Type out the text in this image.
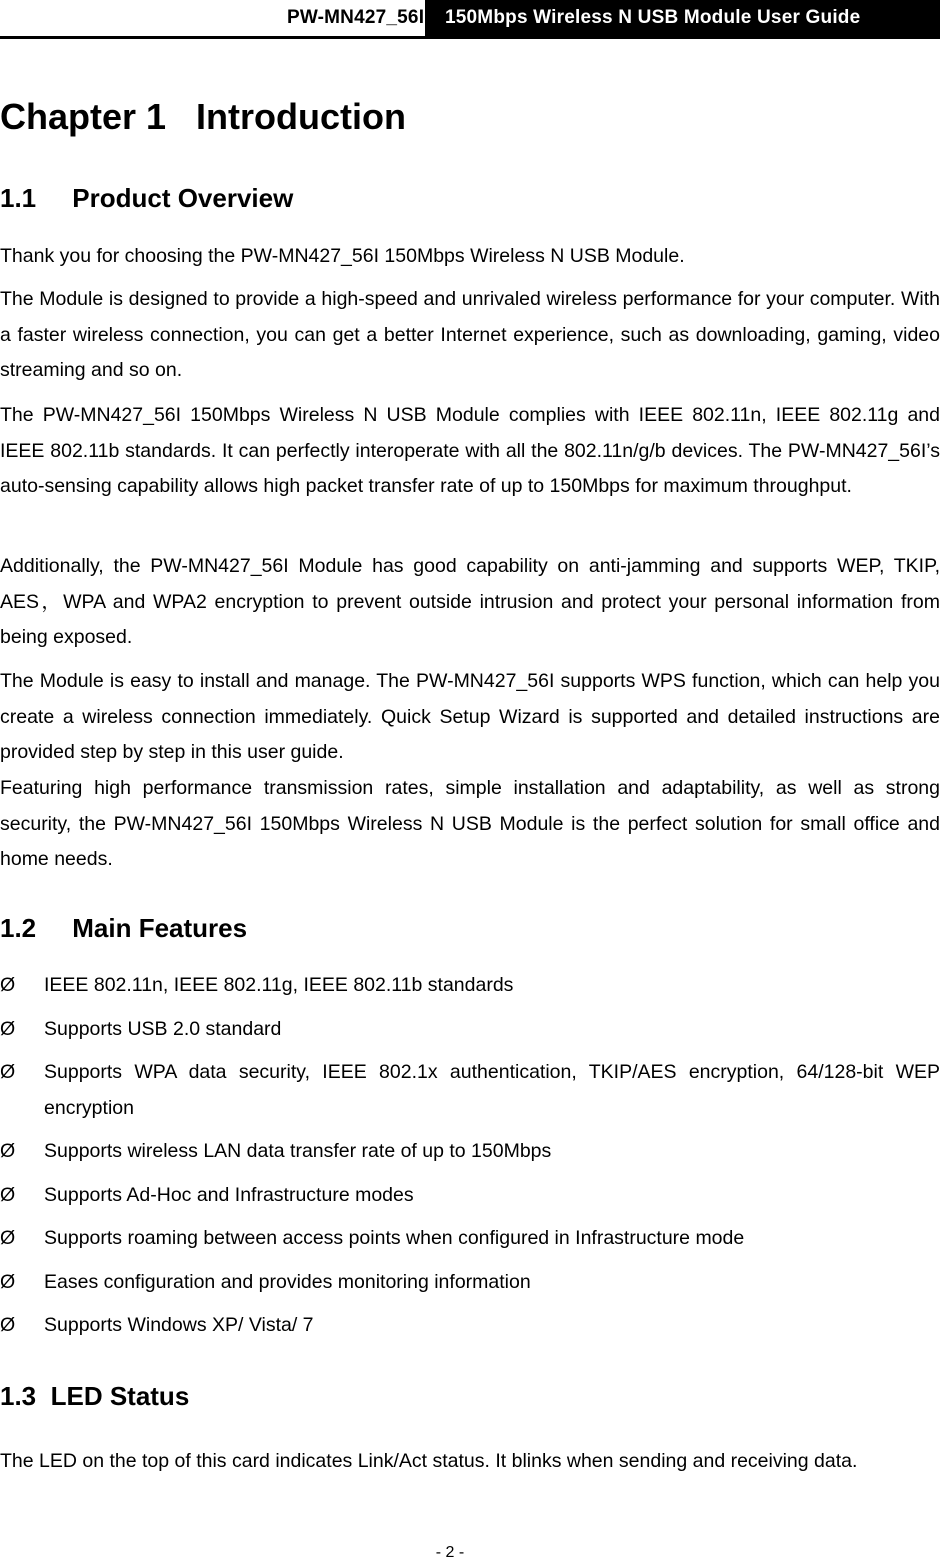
PW-MN427_56I	150Mbps Wireless N USB Module User Guide
Chapter 1   Introduction
1.1     Product Overview
Thank you for choosing the PW-MN427_56I 150Mbps Wireless N USB Module.
The Module is designed to provide a high-speed and unrivaled wireless performance for your computer. With a faster wireless connection, you can get a better Internet experience, such as downloading, gaming, video streaming and so on.
The PW-MN427_56I 150Mbps Wireless N USB Module complies with IEEE 802.11n, IEEE 802.11g and IEEE 802.11b standards. It can perfectly interoperate with all the 802.11n/g/b devices. The PW-MN427_56I’s auto-sensing capability allows high packet transfer rate of up to 150Mbps for maximum throughput.
Additionally, the PW-MN427_56I Module has good capability on anti-jamming and supports WEP, TKIP, AES，WPA and WPA2 encryption to prevent outside intrusion and protect your personal information from being exposed.
The Module is easy to install and manage. The PW-MN427_56I supports WPS function, which can help you create a wireless connection immediately. Quick Setup Wizard is supported and detailed instructions are provided step by step in this user guide.
Featuring high performance transmission rates, simple installation and adaptability, as well as strong security, the PW-MN427_56I 150Mbps Wireless N USB Module is the perfect solution for small office and home needs.
1.2     Main Features
Ø IEEE 802.11n, IEEE 802.11g, IEEE 802.11b standards
Ø Supports USB 2.0 standard
Ø Supports WPA data security, IEEE 802.1x authentication, TKIP/AES encryption, 64/128-bit WEP encryption
Ø Supports wireless LAN data transfer rate of up to 150Mbps
Ø Supports Ad-Hoc and Infrastructure modes
Ø Supports roaming between access points when configured in Infrastructure mode
Ø Eases configuration and provides monitoring information
Ø Supports Windows XP/ Vista/ 7
1.3  LED Status
The LED on the top of this card indicates Link/Act status. It blinks when sending and receiving data.
- 2 -
